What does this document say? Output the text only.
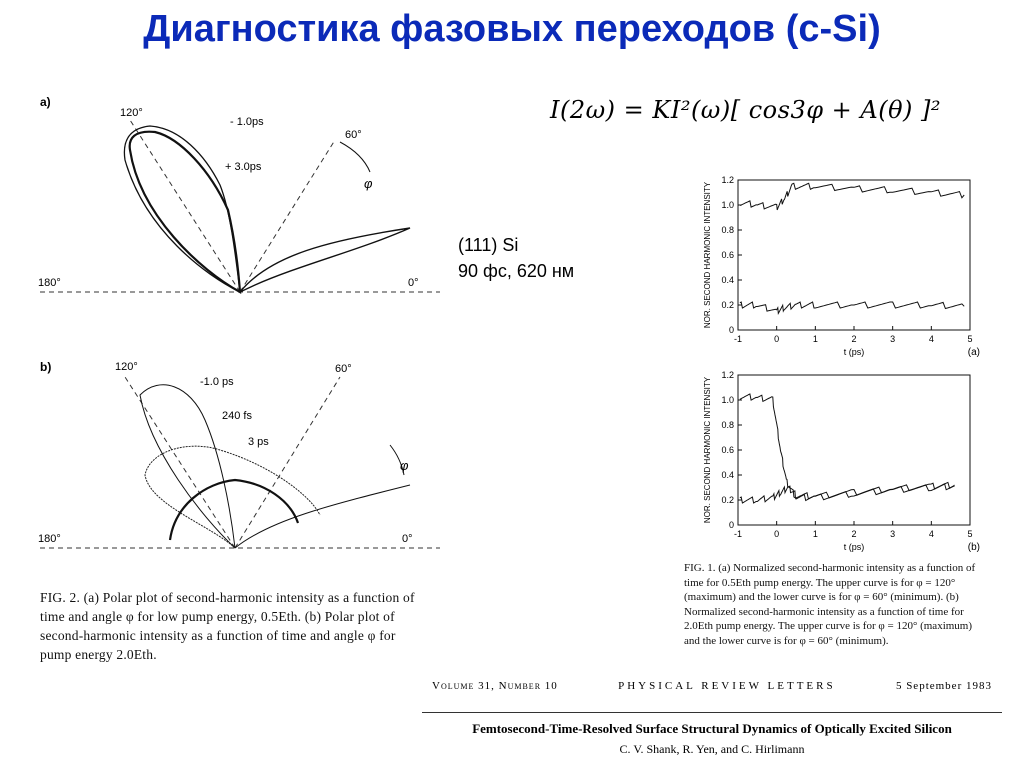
Диагностика фазовых переходов (c-Si)
I(2ω) = KI²(ω)[ cos3φ + A(θ) ]²
(111) Si
90 фс, 620 нм
a)
120°
60°
180°	0°
φ
- 1.0ps
+ 3.0ps
b)	120°	60°
180°	0°
φ
-1.0 ps
240 fs
3 ps
FIG. 2. (a) Polar plot of second-harmonic intensity as a function of time and angle φ for low pump energy, 0.5Eth. (b) Polar plot of second-harmonic intensity as a function of time and angle φ for pump energy 2.0Eth.
-1	0	1	2	3	4	5
0
0.2
0.4
0.6
0.8
1.0
1.2
t (ps)
NOR. SECOND HARMONIC INTENSITY
(a)
-1	0	1	2	3	4	5
0
0.2
0.4
0.6
0.8
1.0
1.2
t (ps)
NOR. SECOND HARMONIC INTENSITY
(b)
FIG. 1. (a) Normalized second-harmonic intensity as a function of time for 0.5Eth pump energy. The upper curve is for φ = 120° (maximum) and the lower curve is for φ = 60° (minimum). (b) Normalized second-harmonic intensity as a function of time for 2.0Eth pump energy. The upper curve is for φ = 120° (maximum) and the lower curve is for φ = 60° (minimum).
Volume 31, Number 10	PHYSICAL REVIEW LETTERS	5 September 1983
Femtosecond-Time-Resolved Surface Structural Dynamics of Optically Excited Silicon
C. V. Shank, R. Yen, and C. Hirlimann
